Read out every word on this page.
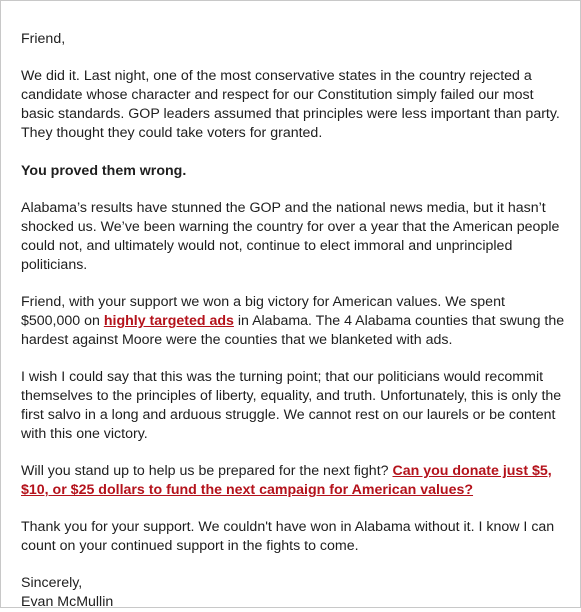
Friend,

We did it. Last night, one of the most conservative states in the country rejected a candidate whose character and respect for our Constitution simply failed our most basic standards. GOP leaders assumed that principles were less important than party. They thought they could take voters for granted.

You proved them wrong.

Alabama’s results have stunned the GOP and the national news media, but it hasn’t shocked us. We’ve been warning the country for over a year that the American people could not, and ultimately would not, continue to elect immoral and unprincipled politicians.

Friend, with your support we won a big victory for American values. We spent $500,000 on highly targeted ads in Alabama. The 4 Alabama counties that swung the hardest against Moore were the counties that we blanketed with ads.

I wish I could say that this was the turning point; that our politicians would recommit themselves to the principles of liberty, equality, and truth. Unfortunately, this is only the first salvo in a long and arduous struggle. We cannot rest on our laurels or be content with this one victory.

Will you stand up to help us be prepared for the next fight? Can you donate just $5, $10, or $25 dollars to fund the next campaign for American values?

Thank you for your support. We couldn't have won in Alabama without it. I know I can count on your continued support in the fights to come.

Sincerely,

Evan McMullin
